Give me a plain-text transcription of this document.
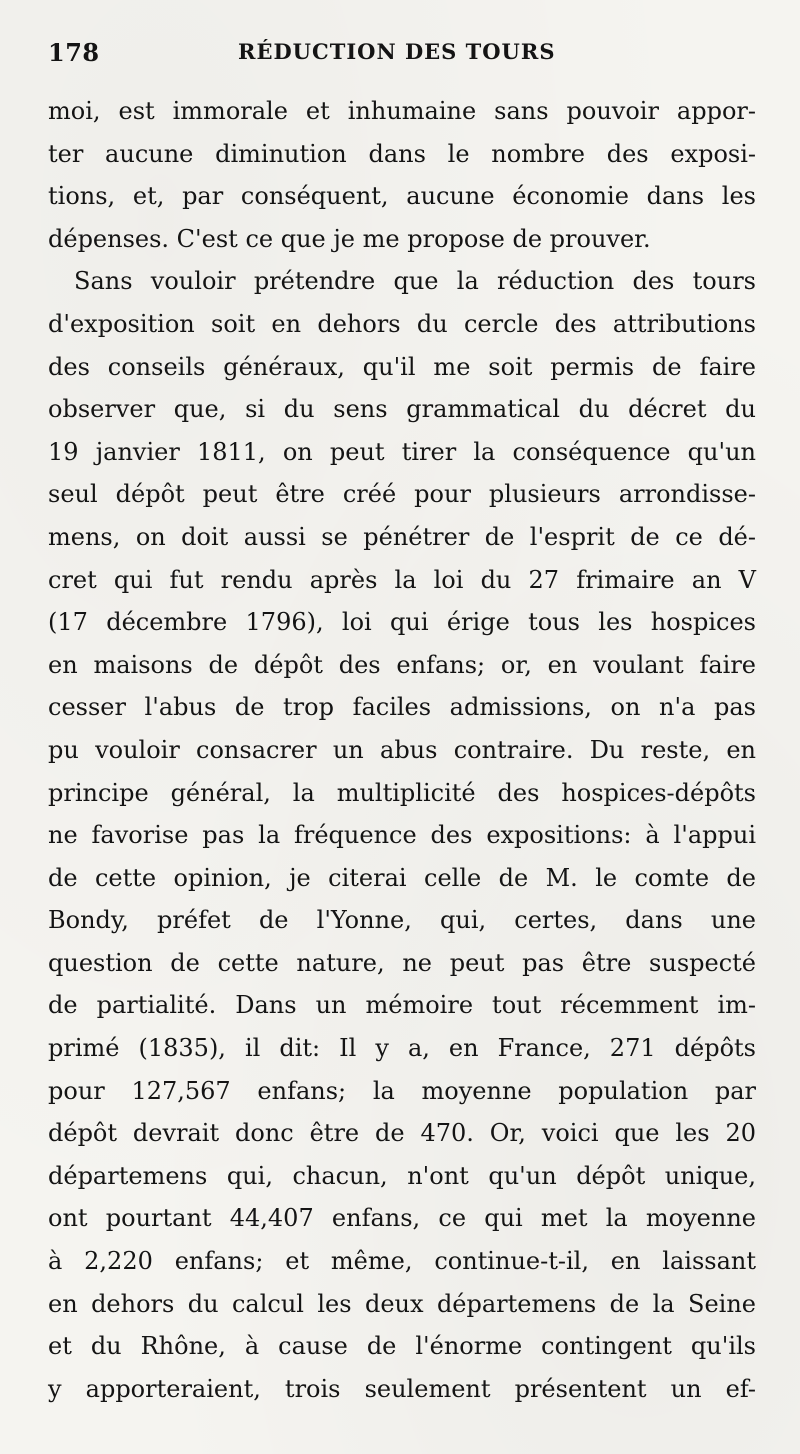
178	RÉDUCTION DES TOURS
moi, est immorale et inhumaine sans pouvoir appor-
ter aucune diminution dans le nombre des exposi-
tions, et, par conséquent, aucune économie dans les
dépenses. C'est ce que je me propose de prouver.
Sans vouloir prétendre que la réduction des tours
d'exposition soit en dehors du cercle des attributions
des conseils généraux, qu'il me soit permis de faire
observer que, si du sens grammatical du décret du
19 janvier 1811, on peut tirer la conséquence qu'un
seul dépôt peut être créé pour plusieurs arrondisse-
mens, on doit aussi se pénétrer de l'esprit de ce dé-
cret qui fut rendu après la loi du 27 frimaire an V
(17 décembre 1796), loi qui érige tous les hospices
en maisons de dépôt des enfans; or, en voulant faire
cesser l'abus de trop faciles admissions, on n'a pas
pu vouloir consacrer un abus contraire. Du reste, en
principe général, la multiplicité des hospices-dépôts
ne favorise pas la fréquence des expositions: à l'appui
de cette opinion, je citerai celle de M. le comte de
Bondy, préfet de l'Yonne, qui, certes, dans une
question de cette nature, ne peut pas être suspecté
de partialité. Dans un mémoire tout récemment im-
primé (1835), il dit: Il y a, en France, 271 dépôts
pour 127,567 enfans; la moyenne population par
dépôt devrait donc être de 470. Or, voici que les 20
départemens qui, chacun, n'ont qu'un dépôt unique,
ont pourtant 44,407 enfans, ce qui met la moyenne
à 2,220 enfans; et même, continue-t-il, en laissant
en dehors du calcul les deux départemens de la Seine
et du Rhône, à cause de l'énorme contingent qu'ils
y apporteraient, trois seulement présentent un ef-
